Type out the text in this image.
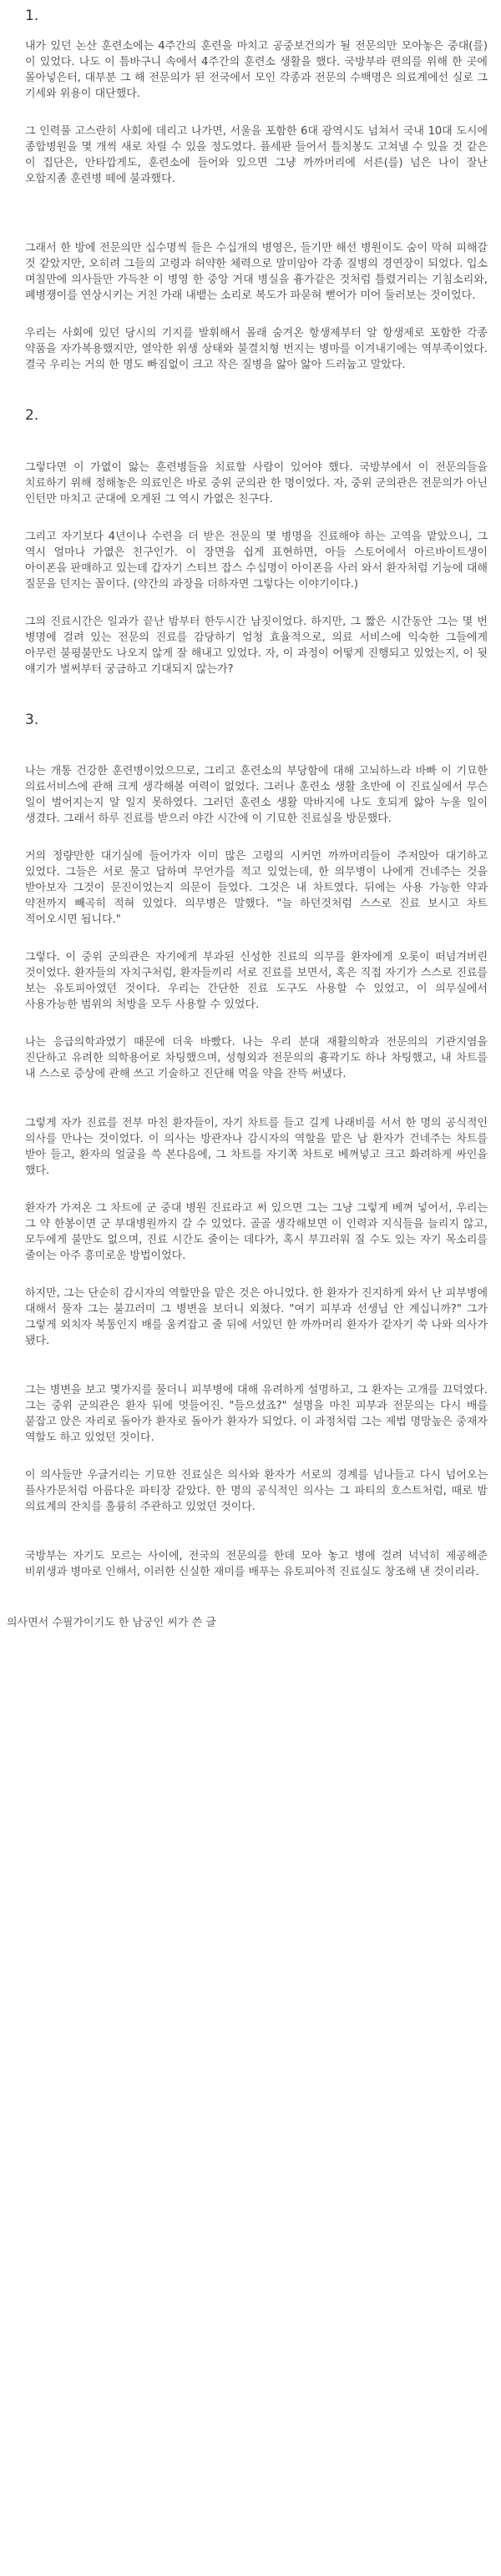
1.

내가 있던 논산 훈련소에는 4주간의 훈련을 마치고 공중보건의가 될 전문의만 모아놓은 중대(를) 이 있었다. 나도 이 틈바구니 속에서 4주간의 훈련소 생활을 했다. 국방부라 편의를 위해 한 곳에 몰아넣은터, 대부분 그 해 전문의가 된 전국에서 모인 각종과 전문의 수백명은 의료계에선 실로 그 기세와 위용이 대단했다.

그 인력풀 고스란히 사회에 데리고 나가면, 서울을 포함한 6대 광역시도 넘쳐서 국내 10대 도시에 종합병원을 몇 개씩 새로 차릴 수 있을 정도였다. 플세판 들어서 틀치봉도 고쳐낼 수 있을 것 같은 이 집단은, 안타깝게도, 훈련소에 들어와 있으면 그냥 까까머리에 서른(를) 넘은 나이 잘난 오합지졸 훈련병 떼에 불과했다.

그래서 한 방에 전문의만 십수명씩 들은 수십개의 병영은, 들기만 해선 병원이도 숨이 막혀 피해갈 것 같았지만, 오히려 그들의 고령과 허약한 체력으로 말미암아 각종 질병의 경연장이 되었다. 입소 며칠만에 의사들만 가득찬 이 병영 한 중앙 거대 병실을 흉가같은 것처럼 틀렸거리는 기침소리와, 폐병쟁이를 연상시키는 거친 가래 내뱉는 소리로 복도가 파묻혀 뻗어가 미어 둘러보는 것이었다.

우리는 사회에 있던 당시의 기지를 발휘해서 몰래 숨겨온 항생제부터 알 항생제로 포함한 각종 약품을 자가복용했지만, 열악한 위생 상태와 불결치형 번지는 병마를 이겨내기에는 역부족이었다. 결국 우리는 거의 한 명도 빠짐없이 크고 작은 질병을 앓아 앓아 드러눕고 말았다.

2.

그렇다면 이 가엾이 앓는 훈련병들을 치료할 사람이 있어야 했다. 국방부에서 이 전문의들을 치료하기 위해 정해놓은 의료인은 바로 중위 군의관 한 명이었다. 자, 중위 군의관은 전문의가 아닌 인턴만 마치고 군대에 오게된 그 역시 가엾은 친구다.

그리고 자기보다 4년이나 수련을 더 받은 전문의 몇 병명을 진료해야 하는 고역을 맡았으니, 그 역시 얼마나 가엾은 친구인가. 이 장면을 쉽게 표현하면, 아들 스토어에서 아르바이트생이 아이폰을 판매하고 있는데 갑자기 스티브 잡스 수십명이 아이폰을 사러 와서 환자처럼 기능에 대해 질문을 던지는 꼴이다. (약간의 과장을 더하자면 그렇다는 이야기이다.)

그의 진료시간은 일과가 끝난 밤부터 한두시간 남짓이었다. 하지만, 그 짧은 시간동안 그는 몇 번 병명에 걸려 있는 전문의 진료를 감당하기 엄청 효율적으로, 의료 서비스에 익숙한 그들에게 아무런 불평불만도 나오지 않게 잘 해내고 있었다. 자, 이 과정이 어떻게 진행되고 있었는지, 이 뒷 얘기가 벌써부터 궁금하고 기대되지 않는가?

3.

나는 개통 건강한 훈련병이었으므로, 그리고 훈련소의 부당함에 대해 고뇌하느라 바빠 이 기묘한 의료서비스에 관해 크게 생각해볼 여력이 없었다. 그러나 훈련소 생활 초반에 이 진료실에서 무슨 일이 벌어지는지 알 일지 못하였다. 그러던 훈련소 생활 막바지에 나도 호되게 앓아 누울 일이 생겼다. 그래서 하루 진료를 받으러 야간 시간에 이 기묘한 진료실을 방문했다.

거의 정량만한 대기실에 들어가자 이미 많은 고령의 시커먼 까까머리들이 주저앉아 대기하고 있었다. 그들은 서로 물고 답하며 무언가를 적고 있었는데, 한 의무병이 나에게 건네주는 것을 받아보자 그것이 문진이었는지 의문이 들었다. 그것은 내 차트였다. 뒤에는 사용 가능한 약과 약전까지 빼곡히 적혀 있었다. 의무병은 말했다. "늘 하던것처럼 스스로 진료 보시고 차트 적어오시면 됩니다."

그렇다. 이 중위 군의관은 자기에게 부과된 신성한 진료의 의무를 환자에게 오롯이 떠넘겨버린 것이었다. 환자들의 자치구처럼, 환자들끼리 서로 진료를 보면서, 혹은 직접 자기가 스스로 진료를 보는 유토피아였던 것이다. 우리는 간단한 진료 도구도 사용할 수 있었고, 이 의무실에서 사용가능한 범위의 처방을 모두 사용할 수 있었다.

나는 응급의학과였기 때문에 더욱 바빴다. 나는 우리 분대 재활의학과 전문의의 기관지염을 진단하고 유려한 의학용어로 차팅했으며, 성형외과 전문의의 흉곽기도 하나 차팅했고, 내 차트를 내 스스로 증상에 관해 쓰고 기술하고 진단해 먹을 약을 잔뜩 써냈다.

그렇게 자가 진료를 전부 마친 환자들이, 자기 차트를 들고 길게 나래비를 서서 한 명의 공식적인 의사를 만나는 것이었다. 이 의사는 방관자나 감시자의 역할을 맡은 남 환자가 건네주는 차트를 받아 들고, 환자의 얼굴을 쓱 본다음에, 그 차트를 자기쪽 차트로 베껴넣고 크고 화려하게 싸인을 했다.

환자가 가져온 그 차트에 군 중대 병원 진료라고 써 있으면 그는 그냥 그렇게 베껴 넣어서, 우리는 그 약 한봉이면 군 부대병원까지 갈 수 있었다. 골골 생각해보면 이 인력과 지식들을 늘리지 않고, 모두에게 불만도 없으며, 진료 시간도 줄이는 데다가, 혹시 부끄러워 질 수도 있는 자기 목소리를 줄이는 아주 흥미로운 방법이었다.

하지만, 그는 단순히 감시자의 역할만을 맡은 것은 아니었다. 한 환자가 진지하게 와서 난 피부병에 대해서 물자 그는 불끄러미 그 병변을 보더니 외쳤다. "여기 피부과 선생님 안 계십니까?" 그가 그렇게 외치자 북통인지 배를 움켜잡고 줄 뒤에 서있던 한 까까머리 환자가 같자기 쑥 나와 의사가 됐다.

그는 병변을 보고 몇가지를 물더니 피부병에 대해 유려하게 설명하고, 그 환자는 고개를 끄덕였다. 그는 중위 군의관은 환자 뒤에 멋들어진. "들으셨죠?" 설명을 마친 피부과 전문의는 다시 배를 붙잡고 앉은 자리로 돌아가 환자로 돌아가 환자가 되었다. 이 과정처럼 그는 제법 명망높은 중재자 역할도 하고 있었던 것이다.

이 의사들만 우글거리는 기묘한 진료실은 의사와 환자가 서로의 경계를 넘나들고 다시 넘어오는 플사가문처럼 아름다운 파티장 같았다. 한 명의 공식적인 의사는 그 파티의 호스트처럼, 때로 밤 의료계의 잔치를 훌륭히 주관하고 있었던 것이다.

국방부는 자기도 모르는 사이에, 전국의 전문의를 한데 모아 놓고 병에 걸려 넉넉히 제공해준 비위생과 병마로 인해서, 이러한 신실한 재미를 배푸는 유토피아적 진료실도 창조해 낸 것이리라.

의사면서 수필가이기도 한 남궁인 씨가 쓴 글
